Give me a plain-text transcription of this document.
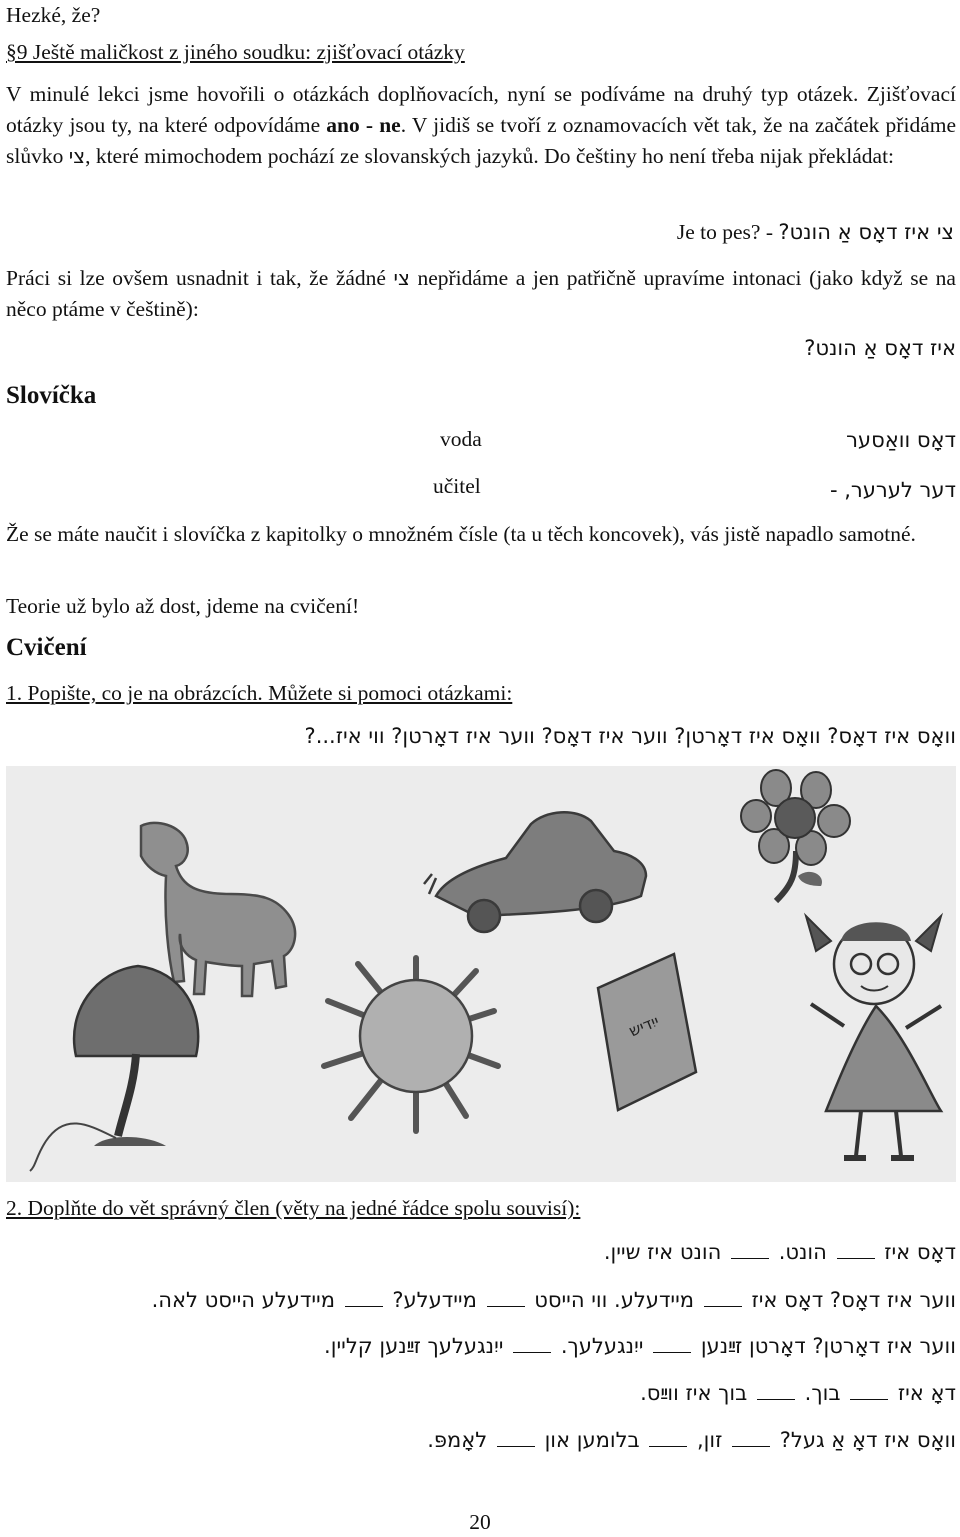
Hezké, že?
§9 Ještě maličkost z jiného soudku: zjišťovací otázky
V minulé lekci jsme hovořili o otázkách doplňovacích, nyní se podíváme na druhý typ otázek. Zjišťovací otázky jsou ty, na které odpovídáme ano - ne. V jidiš se tvoří z oznamovacích vět tak, že na začátek přidáme slůvko צי, které mimochodem pochází ze slovanských jazyků. Do češtiny ho není třeba nijak překládat:
Je to pes? - צי איז דאָס אַ הונט?
Práci si lze ovšem usnadnit i tak, že žádné צי nepřidáme a jen patřičně upravíme intonaci (jako když se na něco ptáme v češtině):
איז דאָס אַ הונט?
Slovíčka
voda	דאָס וואַסער
učitel	דער לערער, -
Že se máte naučit i slovíčka z kapitolky o množném čísle (ta u těch koncovek), vás jistě napadlo samotné.
Teorie už bylo až dost, jdeme na cvičení!
Cvičení
1. Popište, co je na obrázcích. Můžete si pomoci otázkami:
וואָס איז דאָס? וואָס איז דאָרטן? ווער איז דאָס? ווער איז דאָרטן? ווי איז...?
ייִדיש
2. Doplňte do vět správný člen (věty na jedné řádce spolu souvisí):
דאָס איז  הונט.  הונט איז שיין.
ווער איז דאָס? דאָס איז  מיידעלע. ווי הייסט  מיידעלע?  מיידעלע הייסט לאה.
ווער איז דאָרטן? דאָרטן זײַנען  ייִנגעלעך.  ייִנגעלעך זײַנען קליין.
דאָ איז  בוך.  בוך איז ווײַס.
וואָס איז דאָ אַ געל?  זון,  בלומען און  לאָמפּ.
20
